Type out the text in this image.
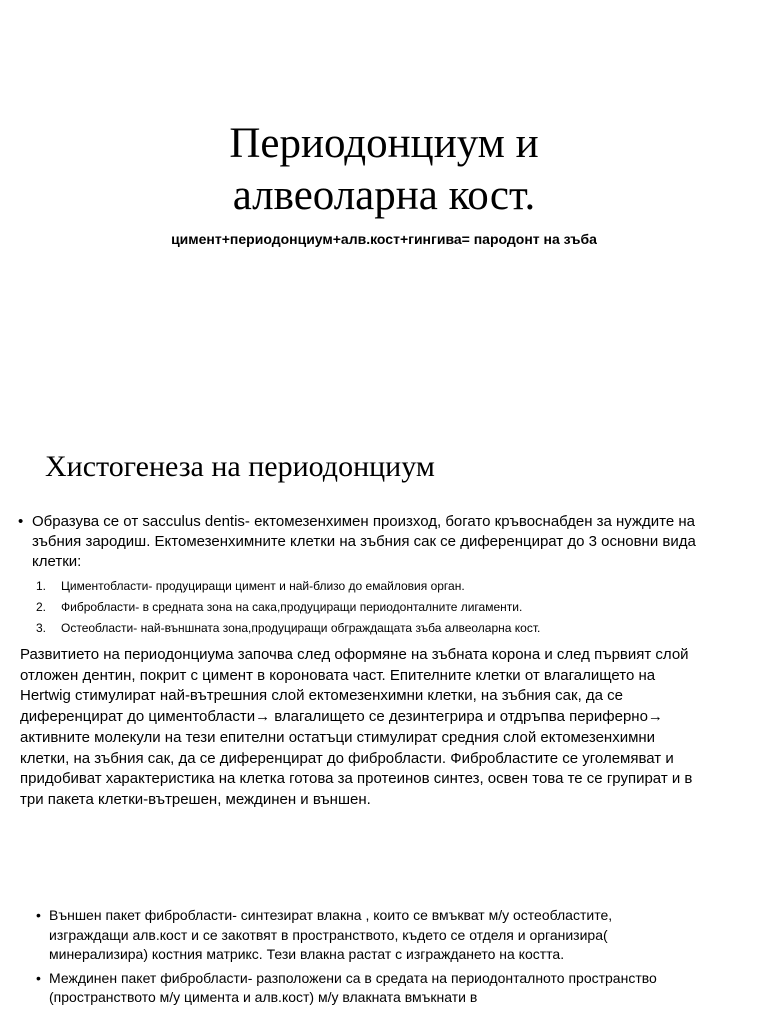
Периодонциум и
алвеоларна кост.
цимент+периодонциум+алв.кост+гингива= пародонт на зъба
Хистогенеза на периодонциум
• Образува се от sacculus dentis- ектомезенхимен произход, богато кръвоснабден за нуждите на зъбния зародиш. Ектомезенхимните клетки на зъбния сак се диференцират до 3 основни вида клетки:
1. Циментобласти- продуциращи цимент и най-близо до емайловия орган.
2. Фибробласти- в средната зона на сака,продуциращи периодонталните лигаменти.
3. Остеобласти- най-външната зона,продуциращи обграждащата зъба алвеоларна кост.
Развитието на периодонциума започва след оформяне на зъбната корона и след първият слой отложен дентин, покрит с цимент в короновата част. Епителните клетки от влагалището на Hertwig стимулират най-вътрешния слой ектомезенхимни клетки, на зъбния сак, да се диференцират до циментобласти→ влагалището се дезинтегрира и отдръпва периферно→ активните молекули на тези епителни остатъци стимулират средния слой ектомезенхимни клетки, на зъбния сак, да се диференцират до фибробласти. Фибробластите се уголемяват и придобиват характеристика на клетка готова за протеинов синтез, освен това те се групират и в три пакета клетки-вътрешен, междинен и външен.
• Външен пакет фибробласти- синтезират влакна , които се вмъкват м/у остеобластите, изграждащи алв.кост и се закотвят в пространството, където се отделя и организира( минерализира) костния матрикс. Тези влакна растат с изграждането на костта.
• Междинен пакет фибробласти- разположени са в средата на периодонталното пространство (пространството м/у цимента и алв.кост) м/у влакната вмъкнати в
